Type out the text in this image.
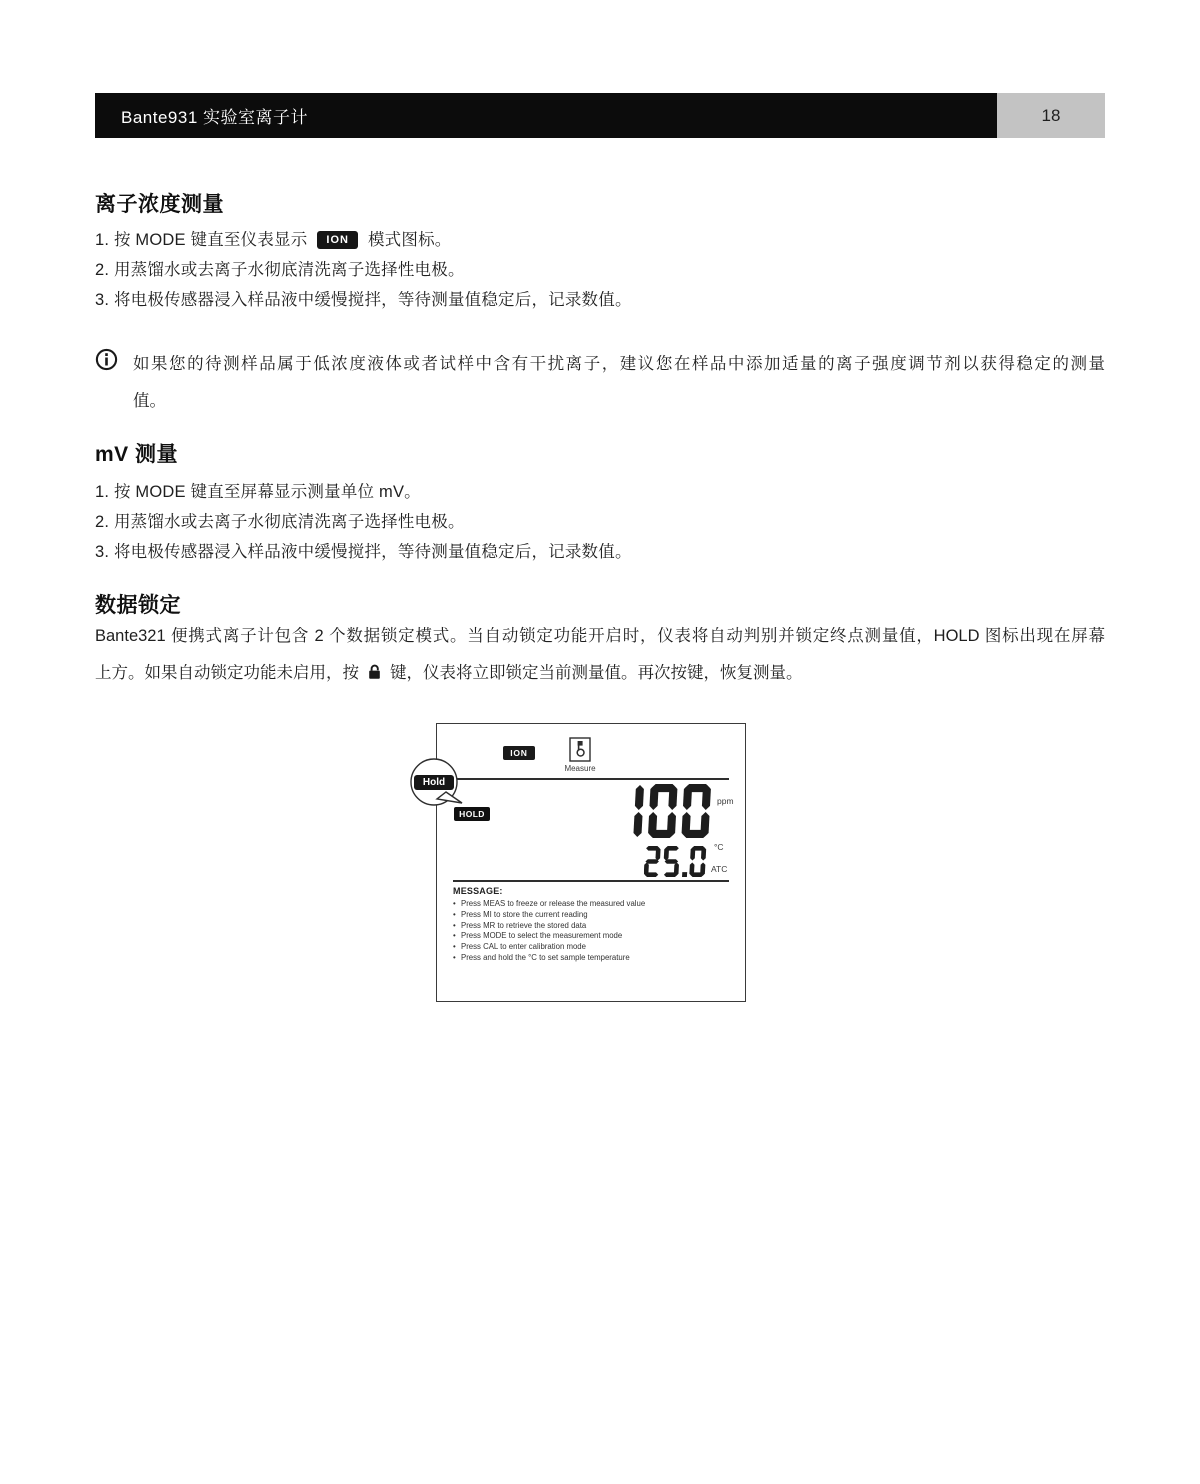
Bante931 实验室离子计	18
离子浓度测量
1. 按 MODE 键直至仪表显示 ION 模式图标。
2. 用蒸馏水或去离子水彻底清洗离子选择性电极。
3. 将电极传感器浸入样品液中缓慢搅拌，等待测量值稳定后，记录数值。
如果您的待测样品属于低浓度液体或者试样中含有干扰离子，建议您在样品中添加适量的离子强度调节剂以获得稳定的测量
值。
mV 测量
1. 按 MODE 键直至屏幕显示测量单位 mV。
2. 用蒸馏水或去离子水彻底清洗离子选择性电极。
3. 将电极传感器浸入样品液中缓慢搅拌，等待测量值稳定后，记录数值。
数据锁定
Bante321 便携式离子计包含 2 个数据锁定模式。当自动锁定功能开启时，仪表将自动判别并锁定终点测量值，HOLD 图标出现在屏幕
上方。如果自动锁定功能未启用，按 键，仪表将立即锁定当前测量值。再次按键，恢复测量。
ION
Measure
Hold
HOLD
ppm
°C
ATC
MESSAGE:
• Press MEAS to freeze or release the measured value
• Press MI to store the current reading
• Press MR to retrieve the stored data
• Press MODE to select the measurement mode
• Press CAL to enter calibration mode
• Press and hold the °C to set sample temperature
